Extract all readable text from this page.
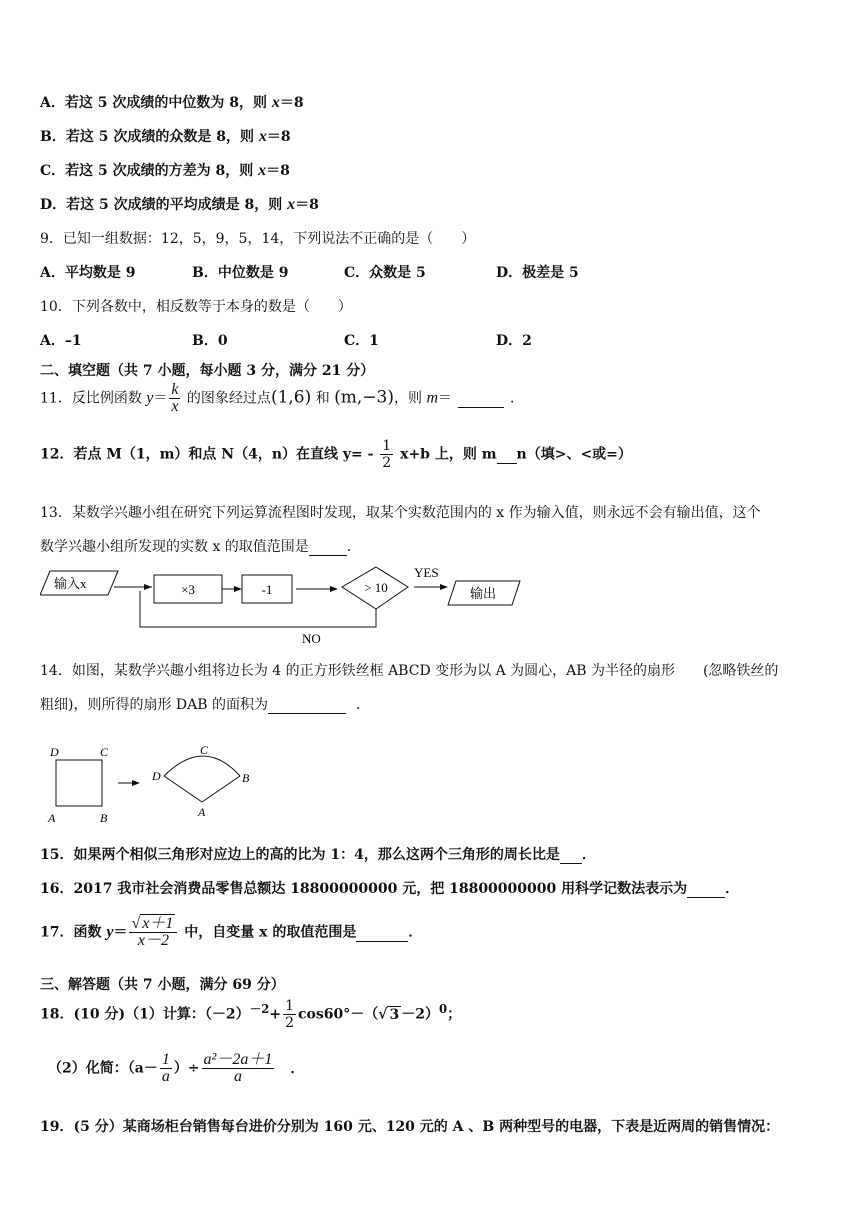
A．若这 5 次成绩的中位数为 8，则 x＝8
B．若这 5 次成绩的众数是 8，则 x＝8
C．若这 5 次成绩的方差为 8，则 x＝8
D．若这 5 次成绩的平均成绩是 8，则 x＝8
9．已知一组数据：12，5，9，5，14，下列说法不正确的是（　　）
A．平均数是 9	B．中位数是 9	C．众数是 5	D．极差是 5
10．下列各数中，相反数等于本身的数是（　　）
A．–1	B．0	C．1	D．2
二、填空题（共 7 小题，每小题 3 分，满分 21 分）
11．反比例函数 $y= \frac{k}{x}$ 的图象经过点(1,6) 和 (m,−3)，则 m＝	．
12．若点 M（1，m）和点 N（4，n）在直线 $y= - \frac{1}{2} x+b$ 上，则 m n（填>、<或=）
13．某数学兴趣小组在研究下列运算流程图时发现，取某个实数范围内的 x 作为输入值，则永远不会有输出值，这个
数学兴趣小组所发现的实数 x 的取值范围是	．
输入x	×3	-1	> 10
YES
输出
NO
14．如图，某数学兴趣小组将边长为 4 的正方形铁丝框 ABCD 变形为以 A 为圆心，AB 为半径的扇形　　(忽略铁丝的
粗细)，则所得的扇形 DAB 的面积为	．
D	C
A	B
C
D	B
A
15．如果两个相似三角形对应边上的高的比为 1：4，那么这两个三角形的周长比是 ．
16．2017 我市社会消费品零售总额达 18800000000 元，把 18800000000 用科学记数法表示为	．
17．函数 $y= \frac{√ x+1}{x-2}$ 中，自变量 x 的取值范围是	．
三、解答题（共 7 小题，满分 69 分）
18．(10 分)（1）计算：$(-2)^{-2}+ \frac{1}{2} \cos 60^\circ-(√$ 3 －2）$^0$；
（2）化简：（$a- \frac{1}{a}$ ）÷ $\frac{\text{a²－2a＋1}}{a}$ ．
19．(5 分）某商场柜台销售每台进价分别为 160 元、120 元的 A 、B 两种型号的电器，下表是近两周的销售情况：
